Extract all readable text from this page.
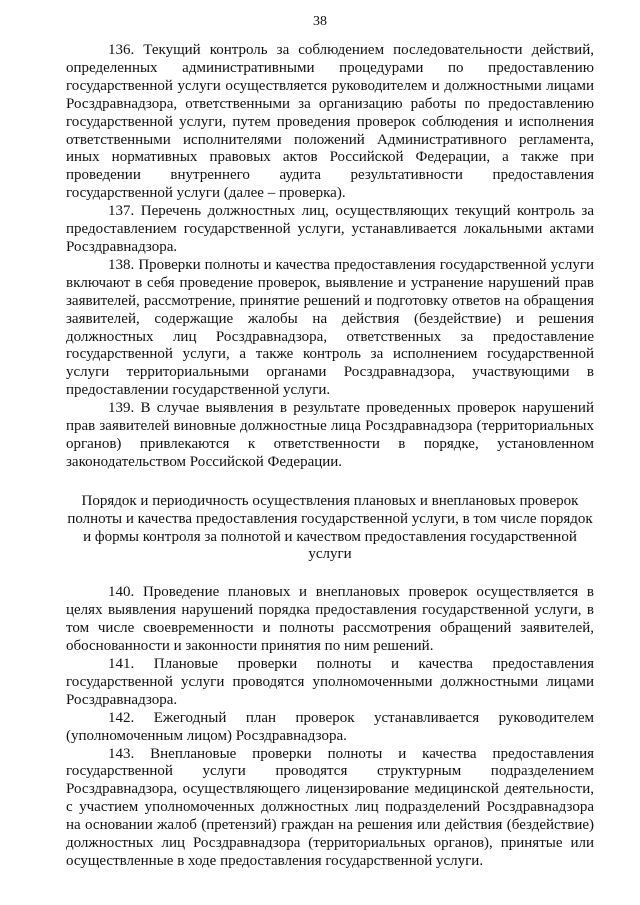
38

136. Текущий контроль за соблюдением последовательности действий, определенных административными процедурами по предоставлению государственной услуги осуществляется руководителем и должностными лицами Росздравнадзора, ответственными за организацию работы по предоставлению государственной услуги, путем проведения проверок соблюдения и исполнения ответственными исполнителями положений Административного регламента, иных нормативных правовых актов Российской Федерации, а также при проведении внутреннего аудита результативности предоставления государственной услуги (далее – проверка).

137. Перечень должностных лиц, осуществляющих текущий контроль за предоставлением государственной услуги, устанавливается локальными актами Росздравнадзора.

138. Проверки полноты и качества предоставления государственной услуги включают в себя проведение проверок, выявление и устранение нарушений прав заявителей, рассмотрение, принятие решений и подготовку ответов на обращения заявителей, содержащие жалобы на действия (бездействие) и решения должностных лиц Росздравнадзора, ответственных за предоставление государственной услуги, а также контроль за исполнением государственной услуги территориальными органами Росздравнадзора, участвующими в предоставлении государственной услуги.

139. В случае выявления в результате проведенных проверок нарушений прав заявителей виновные должностные лица Росздравнадзора (территориальных органов) привлекаются к ответственности в порядке, установленном законодательством Российской Федерации.

Порядок и периодичность осуществления плановых и внеплановых проверок полноты и качества предоставления государственной услуги, в том числе порядок и формы контроля за полнотой и качеством предоставления государственной услуги

140. Проведение плановых и внеплановых проверок осуществляется в целях выявления нарушений порядка предоставления государственной услуги, в том числе своевременности и полноты рассмотрения обращений заявителей, обоснованности и законности принятия по ним решений.

141. Плановые проверки полноты и качества предоставления государственной услуги проводятся уполномоченными должностными лицами Росздравнадзора.

142. Ежегодный план проверок устанавливается руководителем (уполномоченным лицом) Росздравнадзора.

143. Внеплановые проверки полноты и качества предоставления государственной услуги проводятся структурным подразделением Росздравнадзора, осуществляющего лицензирование медицинской деятельности, с участием уполномоченных должностных лиц подразделений Росздравнадзора на основании жалоб (претензий) граждан на решения или действия (бездействие) должностных лиц Росздравнадзора (территориальных органов), принятые или осуществленные в ходе предоставления государственной услуги.
